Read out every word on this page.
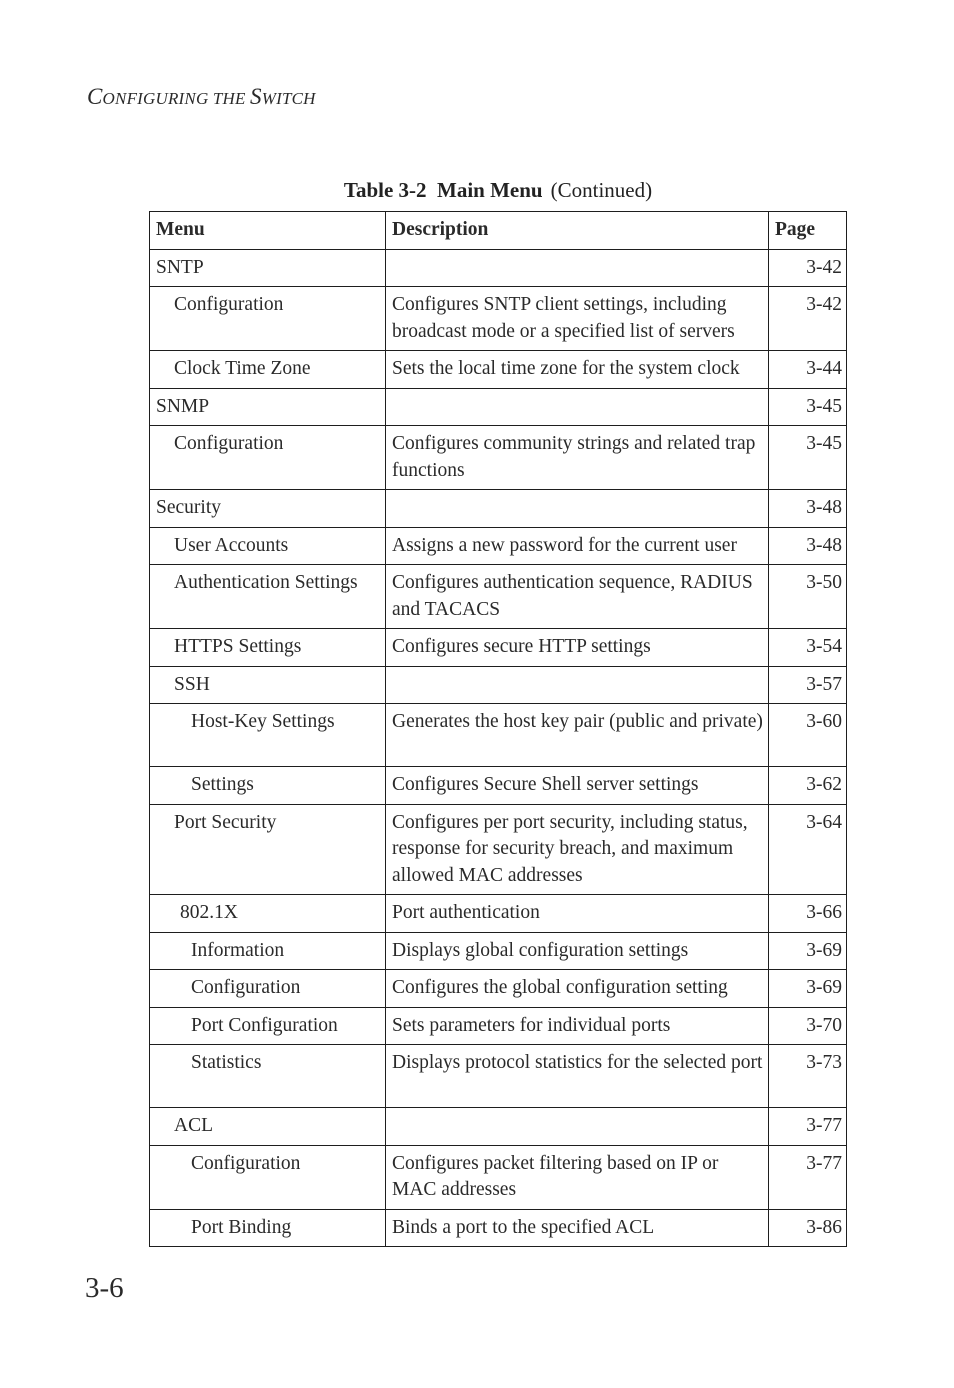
CONFIGURING THE SWITCH
Table 3-2  Main Menu (Continued)
Menu	Description	Page
SNTP		3-42

Configuration	Configures SNTP client settings, including broadcast mode or a specified list of servers	3-42

Clock Time Zone	Sets the local time zone for the system clock	3-44

SNMP		3-45

Configuration	Configures community strings and related trap functions	3-45

Security		3-48

User Accounts	Assigns a new password for the current user	3-48

Authentication Settings	Configures authentication sequence, RADIUS and TACACS	3-50

HTTPS Settings	Configures secure HTTP settings	3-54

SSH		3-57

Host-Key Settings	Generates the host key pair (public and private)	3-60

Settings	Configures Secure Shell server settings	3-62

Port Security	Configures per port security, including status, response for security breach, and maximum allowed MAC addresses	3-64

802.1X	Port authentication	3-66

Information	Displays global configuration settings	3-69

Configuration	Configures the global configuration setting	3-69

Port Configuration	Sets parameters for individual ports	3-70

Statistics	Displays protocol statistics for the selected port	3-73

ACL		3-77

Configuration	Configures packet filtering based on IP or MAC addresses	3-77

Port Binding	Binds a port to the specified ACL	3-86
3-6
